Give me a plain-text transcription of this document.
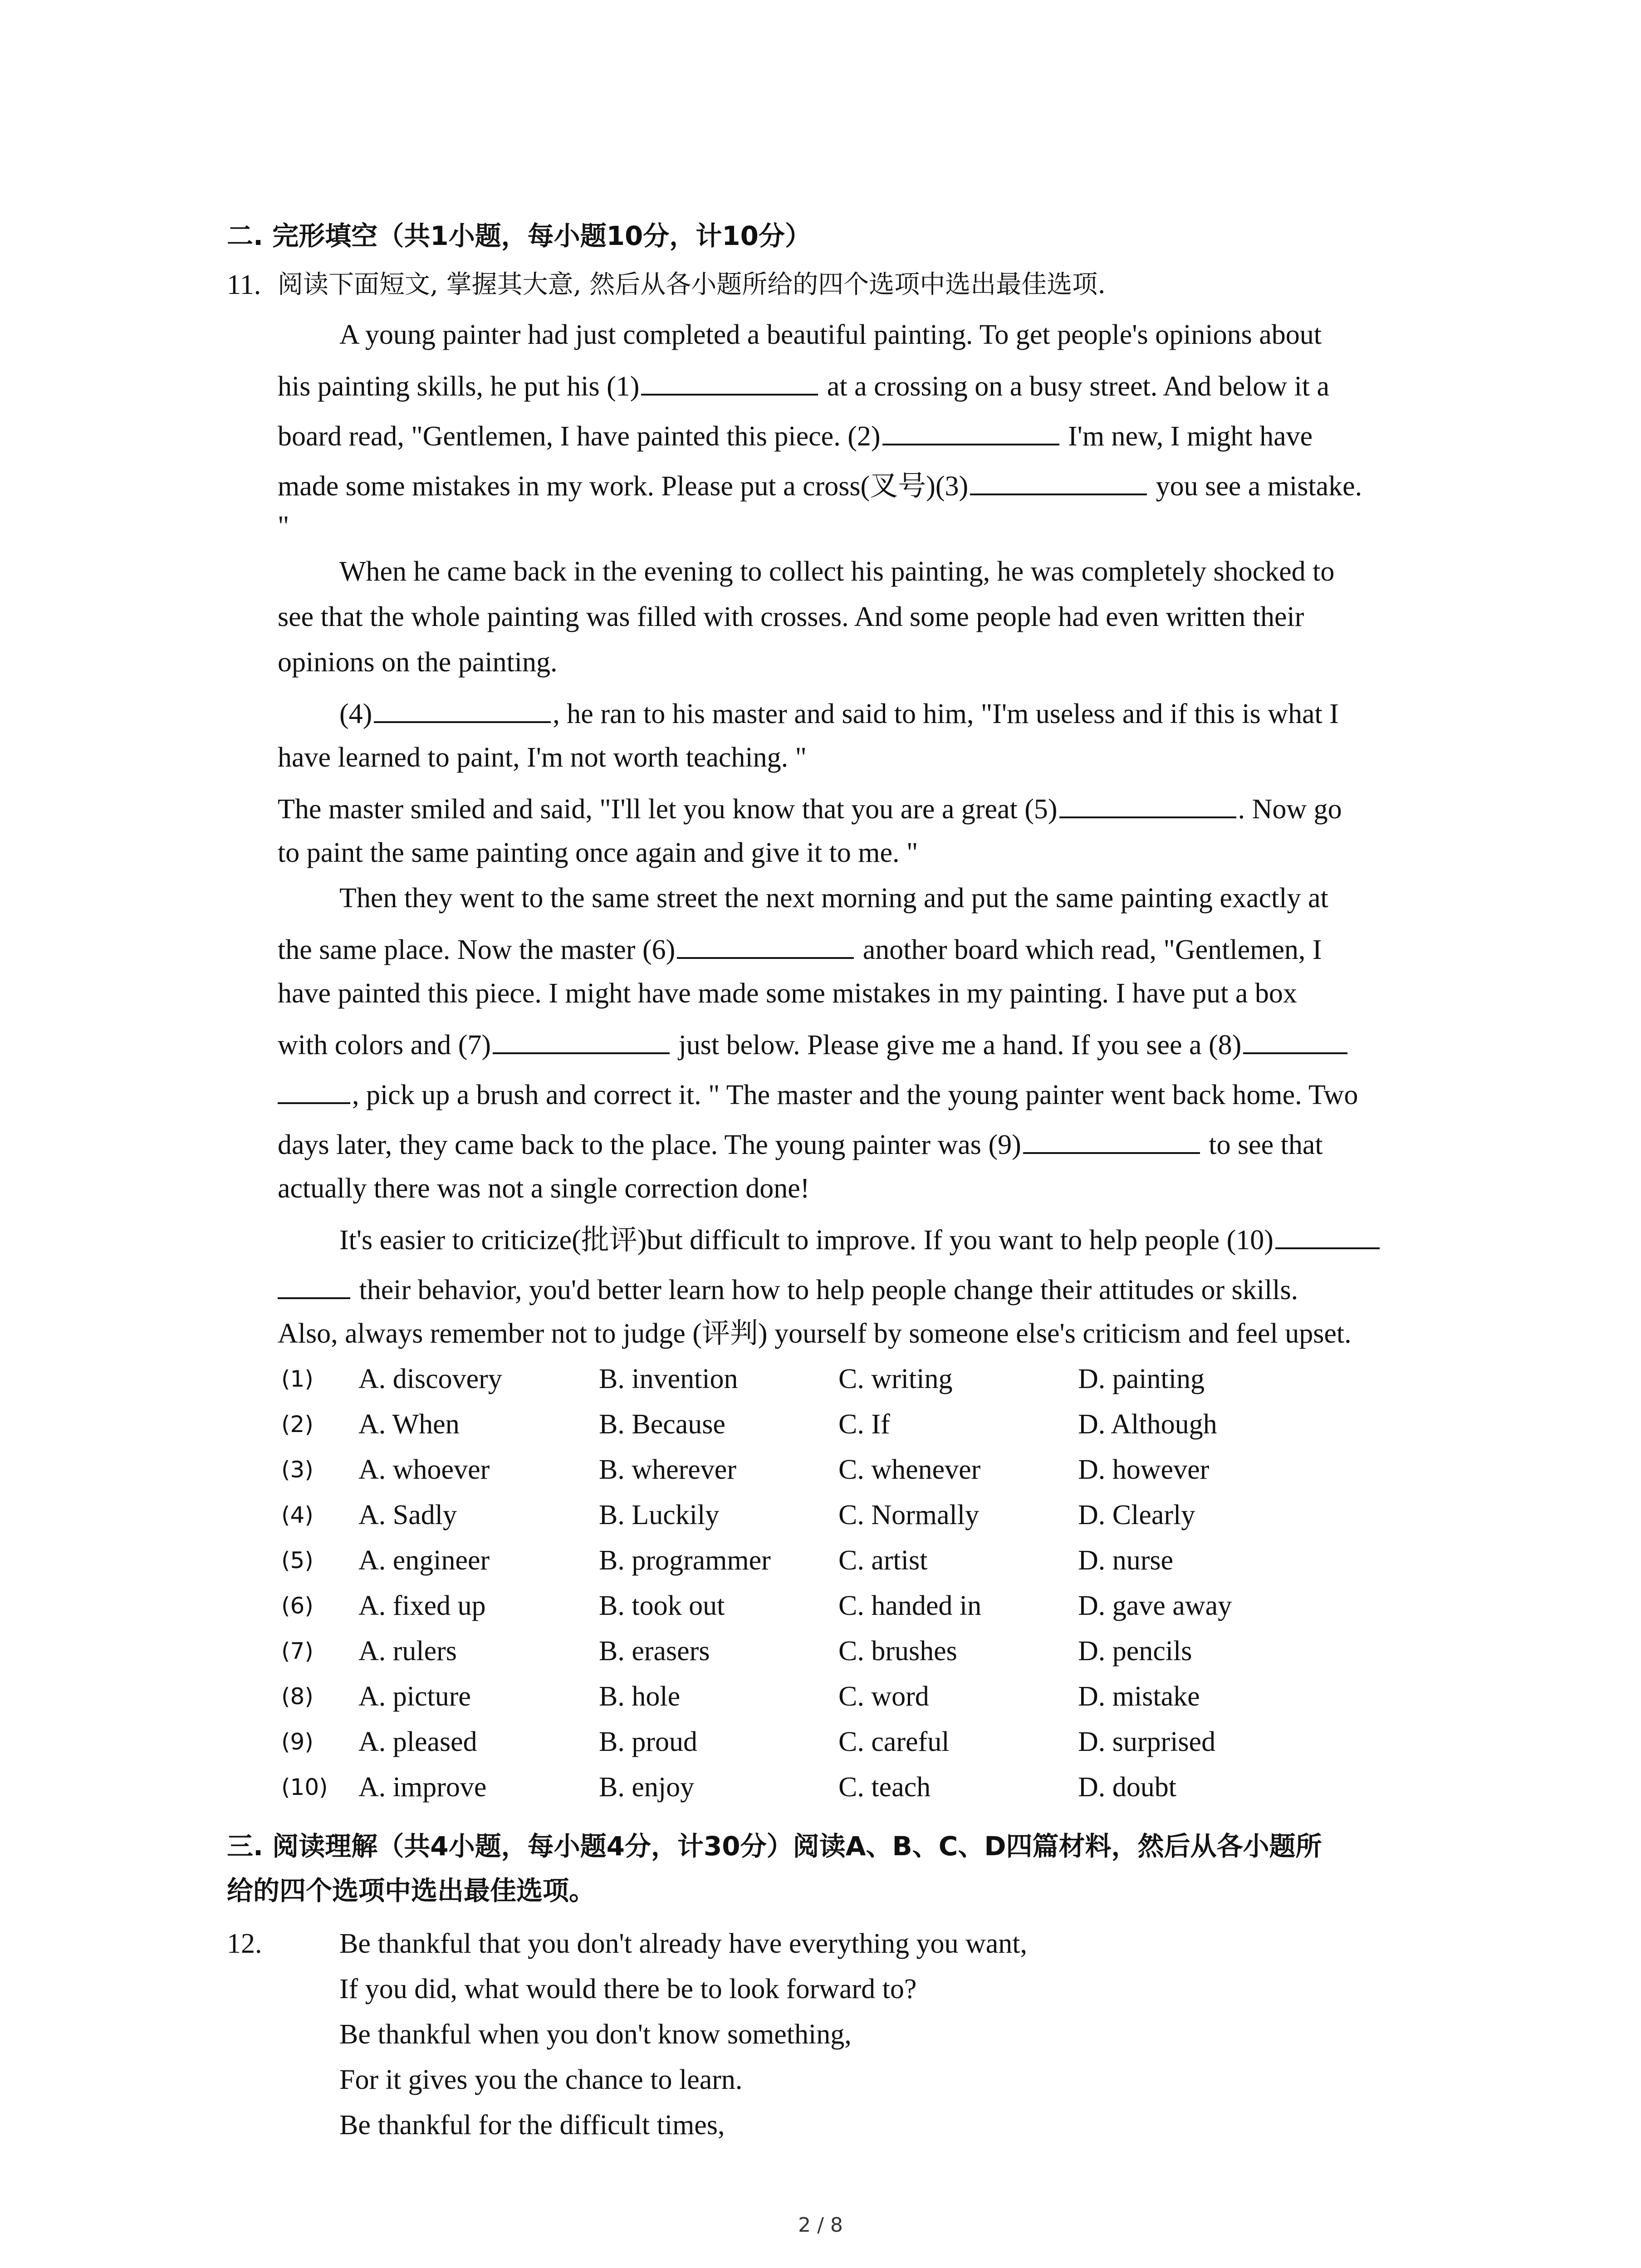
二. 完形填空（共1小题，每小题10分，计10分）
11. 阅读下面短文, 掌握其大意, 然后从各小题所给的四个选项中选出最佳选项.
A young painter had just completed a beautiful painting. To get people's opinions about
his painting skills, he put his (1)	at a crossing on a busy street. And below it a
board read, "Gentlemen, I have painted this piece. (2)	I'm new, I might have
made some mistakes in my work. Please put a cross(叉号)(3)	you see a mistake.
"
When he came back in the evening to collect his painting, he was completely shocked to
see that the whole painting was filled with crosses. And some people had even written their
opinions on the painting.
(4)	, he ran to his master and said to him, "I'm useless and if this is what I
have learned to paint, I'm not worth teaching. "
The master smiled and said, "I'll let you know that you are a great (5)	. Now go
to paint the same painting once again and give it to me. "
Then they went to the same street the next morning and put the same painting exactly at
the same place. Now the master (6)	another board which read, "Gentlemen, I
have painted this piece. I might have made some mistakes in my painting. I have put a box
with colors and (7)	just below. Please give me a hand. If you see a (8)
, pick up a brush and correct it. " The master and the young painter went back home. Two
days later, they came back to the place. The young painter was (9)	to see that
actually there was not a single correction done!
It's easier to criticize(批评)but difficult to improve. If you want to help people (10)
their behavior, you'd better learn how to help people change their attitudes or skills.
Also, always remember not to judge (评判) yourself by someone else's criticism and feel upset.
(1) A. discovery	B. invention	C. writing	D. painting
(2) A. When	B. Because	C. If	D. Although
(3) A. whoever	B. wherever	C. whenever	D. however
(4) A. Sadly	B. Luckily	C. Normally	D. Clearly
(5) A. engineer	B. programmer C. artist	D. nurse
(6) A. fixed up	B. took out	C. handed in	D. gave away
(7) A. rulers	B. erasers	C. brushes	D. pencils
(8) A. picture	B. hole	C. word	D. mistake
(9) A. pleased	B. proud	C. careful	D. surprised
(10) A. improve	B. enjoy	C. teach	D. doubt
三. 阅读理解（共4小题，每小题4分，计30分）阅读A、B、C、D四篇材料，然后从各小题所
给的四个选项中选出最佳选项。
12.	Be thankful that you don't already have everything you want,
If you did, what would there be to look forward to?
Be thankful when you don't know something,
For it gives you the chance to learn.
Be thankful for the difficult times,
2 / 8
